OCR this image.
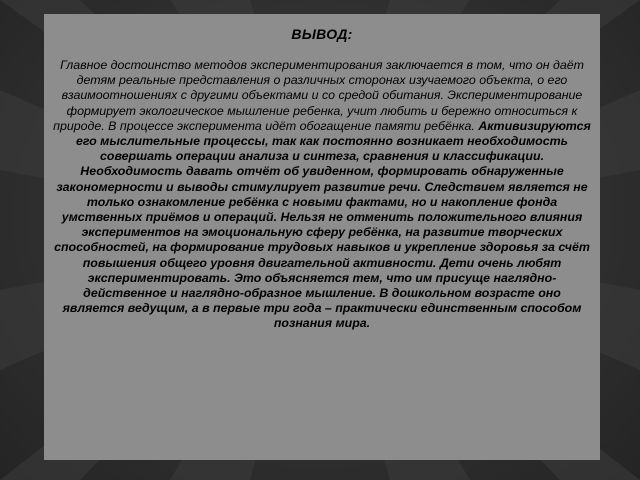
ВЫВОД:
Главное достоинство методов экспериментирования заключается в том, что он даёт детям реальные представления о различных сторонах изучаемого объекта, о его взаимоотношениях с другими объектами и со средой обитания. Экспериментирование формирует экологическое мышление ребенка, учит любить и бережно относиться к природе. В процессе эксперимента идёт обогащение памяти ребёнка. Активизируются его мыслительные процессы, так как постоянно возникает необходимость совершать операции анализа и синтеза, сравнения и классификации. Необходимость давать отчёт об увиденном, формировать обнаруженные закономерности и выводы стимулирует развитие речи. Следствием является не только ознакомление ребёнка с новыми фактами, но и накопление фонда умственных приёмов и операций. Нельзя не отменить положительного влияния экспериментов на эмоциональную сферу ребёнка, на развитие творческих способностей, на формирование трудовых навыков и укрепление здоровья за счёт повышения общего уровня двигательной активности. Дети очень любят экспериментировать. Это объясняется тем, что им присуще наглядно-действенное и наглядно-образное мышление. В дошкольном возрасте оно является ведущим, а в первые три года – практически единственным способом познания мира.
